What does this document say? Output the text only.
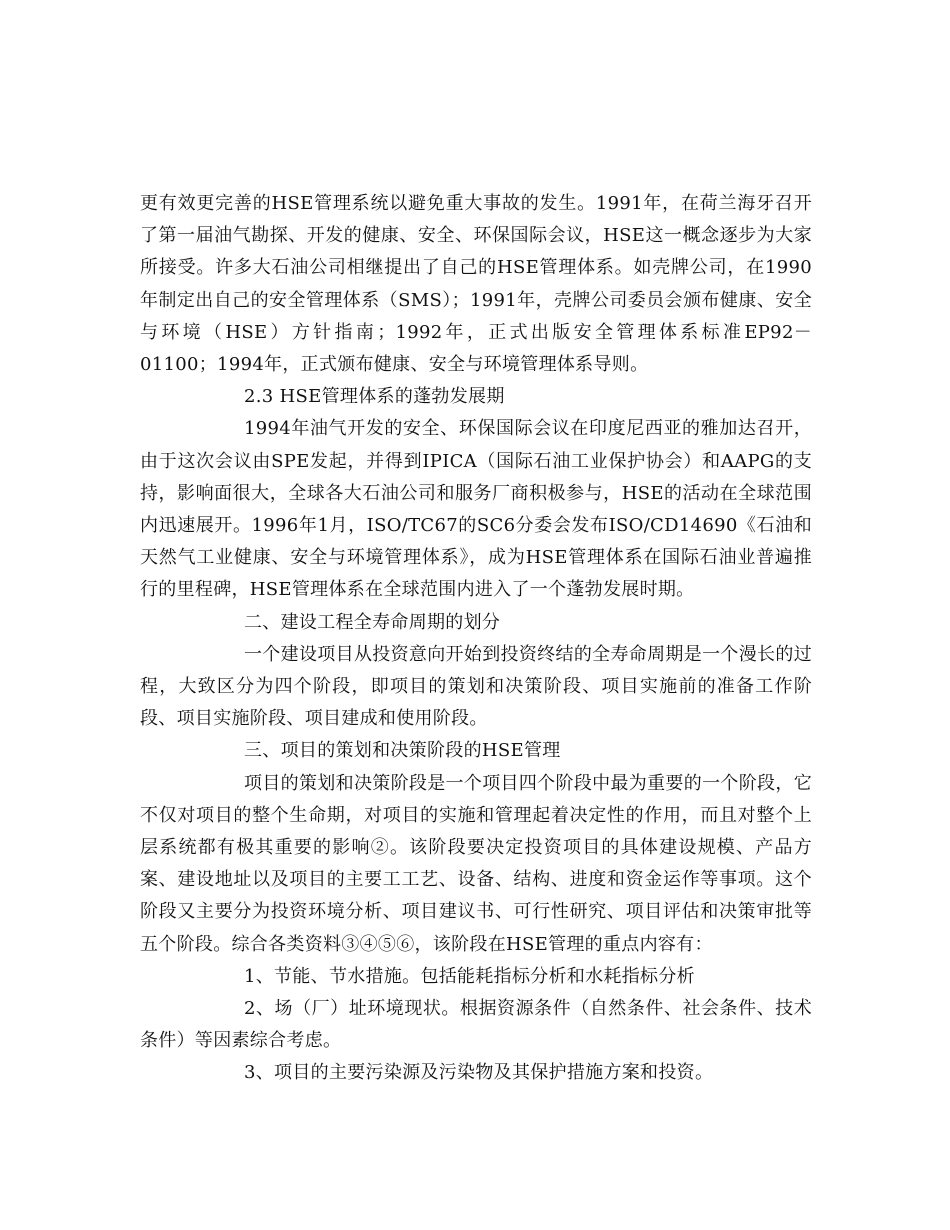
更有效更完善的HSE管理系统以避免重大事故的发生。1991年，在荷兰海牙召开了第一届油气勘探、开发的健康、安全、环保国际会议，HSE这一概念逐步为大家所接受。许多大石油公司相继提出了自己的HSE管理体系。如壳牌公司，在1990年制定出自己的安全管理体系（SMS）；1991年，壳牌公司委员会颁布健康、安全与环境（HSE）方针指南；1992年，正式出版安全管理体系标准EP92－01100；1994年，正式颁布健康、安全与环境管理体系导则。

2.3 HSE管理体系的蓬勃发展期

1994年油气开发的安全、环保国际会议在印度尼西亚的雅加达召开，由于这次会议由SPE发起，并得到IPICA（国际石油工业保护协会）和AAPG的支持，影响面很大，全球各大石油公司和服务厂商积极参与，HSE的活动在全球范围内迅速展开。1996年1月，ISO/TC67的SC6分委会发布ISO/CD14690《石油和天然气工业健康、安全与环境管理体系》，成为HSE管理体系在国际石油业普遍推行的里程碑，HSE管理体系在全球范围内进入了一个蓬勃发展时期。

二、建设工程全寿命周期的划分

一个建设项目从投资意向开始到投资终结的全寿命周期是一个漫长的过程，大致区分为四个阶段，即项目的策划和决策阶段、项目实施前的准备工作阶段、项目实施阶段、项目建成和使用阶段。

三、项目的策划和决策阶段的HSE管理

项目的策划和决策阶段是一个项目四个阶段中最为重要的一个阶段，它不仅对项目的整个生命期，对项目的实施和管理起着决定性的作用，而且对整个上层系统都有极其重要的影响②。该阶段要决定投资项目的具体建设规模、产品方案、建设地址以及项目的主要工工艺、设备、结构、进度和资金运作等事项。这个阶段又主要分为投资环境分析、项目建议书、可行性研究、项目评估和决策审批等五个阶段。综合各类资料③④⑤⑥，该阶段在HSE管理的重点内容有：

1、节能、节水措施。包括能耗指标分析和水耗指标分析

2、场（厂）址环境现状。根据资源条件（自然条件、社会条件、技术条件）等因素综合考虑。

3、项目的主要污染源及污染物及其保护措施方案和投资。
